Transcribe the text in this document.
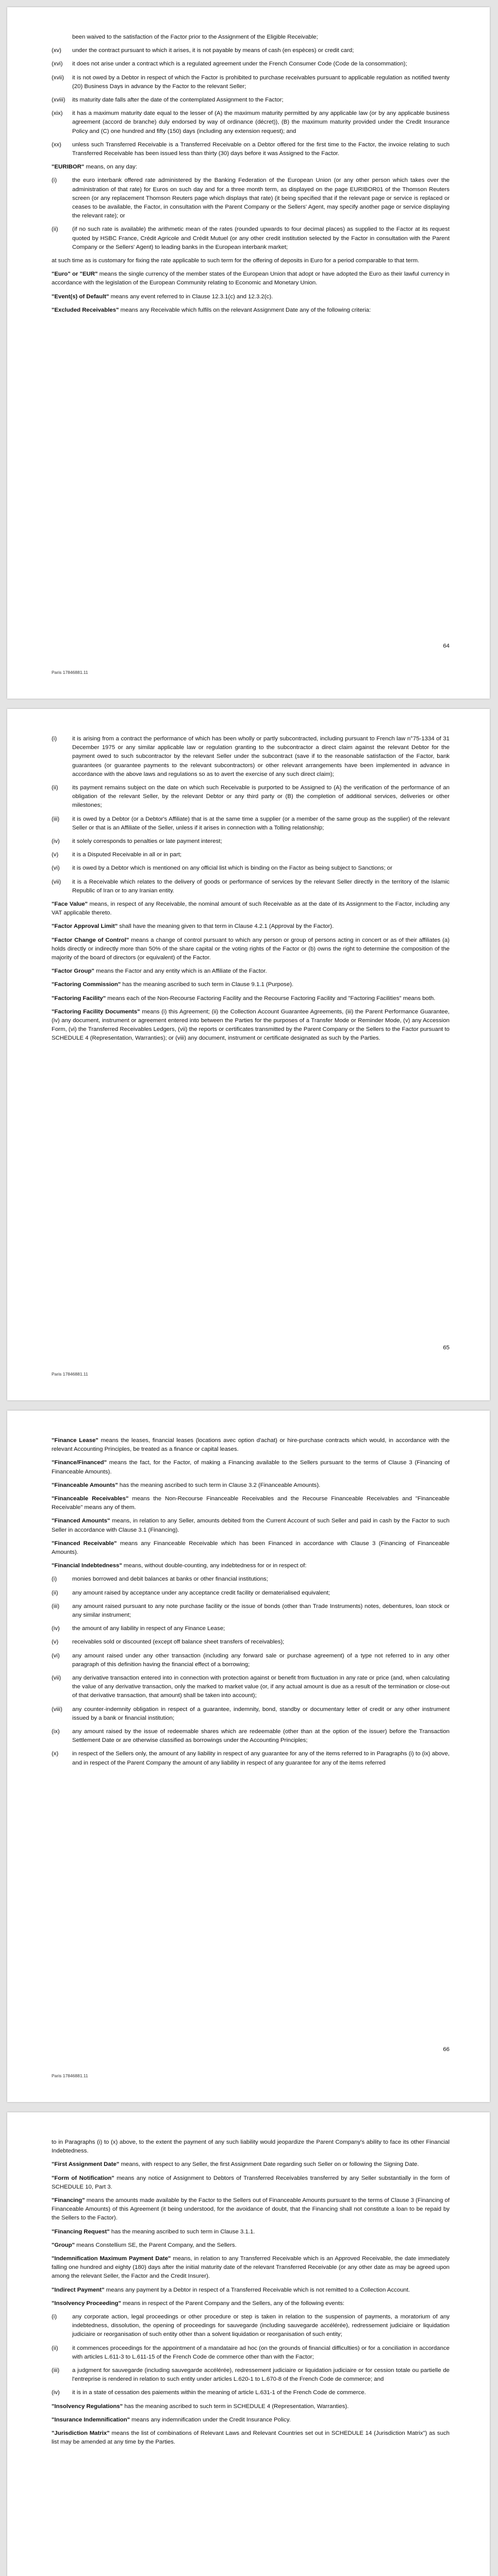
been waived to the satisfaction of the Factor prior to the Assignment of the Eligible Receivable;
(xv)	under the contract pursuant to which it arises, it is not payable by means of cash (en espèces) or credit card;
(xvi)	it does not arise under a contract which is a regulated agreement under the French Consumer Code (Code de la consommation);
(xvii)	it is not owed by a Debtor in respect of which the Factor is prohibited to purchase receivables pursuant to applicable regulation as notified twenty (20) Business Days in advance by the Factor to the relevant Seller;
(xviii)	its maturity date falls after the date of the contemplated Assignment to the Factor;
(xix)	it has a maximum maturity date equal to the lesser of (A) the maximum maturity permitted by any applicable law (or by any applicable business agreement (accord de branche) duly endorsed by way of ordinance (décret)), (B) the maximum maturity provided under the Credit Insurance Policy and (C) one hundred and fifty (150) days (including any extension request); and
(xx)	unless such Transferred Receivable is a Transferred Receivable on a Debtor offered for the first time to the Factor, the invoice relating to such Transferred Receivable has been issued less than thirty (30) days before it was Assigned to the Factor.

"EURIBOR" means, on any day:

(i)	the euro interbank offered rate administered by the Banking Federation of the European Union (or any other person which takes over the administration of that rate) for Euros on such day and for a three month term, as displayed on the page EURIBOR01 of the Thomson Reuters screen (or any replacement Thomson Reuters page which displays that rate) (it being specified that if the relevant page or service is replaced or ceases to be available, the Factor, in consultation with the Parent Company or the Sellers' Agent, may specify another page or service displaying the relevant rate); or
(ii)	(if no such rate is available) the arithmetic mean of the rates (rounded upwards to four decimal places) as supplied to the Factor at its request quoted by HSBC France, Crédit Agricole and Crédit Mutuel (or any other credit institution selected by the Factor in consultation with the Parent Company or the Sellers' Agent) to leading banks in the European interbank market;

at such time as is customary for fixing the rate applicable to such term for the offering of deposits in Euro for a period comparable to that term.

"Euro" or "EUR" means the single currency of the member states of the European Union that adopt or have adopted the Euro as their lawful currency in accordance with the legislation of the European Community relating to Economic and Monetary Union.

"Event(s) of Default" means any event referred to in Clause 12.3.1(c) and 12.3.2(c).

"Excluded Receivables" means any Receivable which fulfils on the relevant Assignment Date any of the following criteria:

64
Paris 17846881.11
(i)	it is arising from a contract the performance of which has been wholly or partly subcontracted, including pursuant to French law n°75-1334 of 31 December 1975 or any similar applicable law or regulation granting to the subcontractor a direct claim against the relevant Debtor for the payment owed to such subcontractor by the relevant Seller under the subcontract (save if to the reasonable satisfaction of the Factor, bank guarantees (or guarantee payments to the relevant subcontractors) or other relevant arrangements have been implemented in advance in accordance with the above laws and regulations so as to avert the exercise of any such direct claim);
(ii)	its payment remains subject on the date on which such Receivable is purported to be Assigned to (A) the verification of the performance of an obligation of the relevant Seller, by the relevant Debtor or any third party or (B) the completion of additional services, deliveries or other milestones;
(iii)	it is owed by a Debtor (or a Debtor's Affiliate) that is at the same time a supplier (or a member of the same group as the supplier) of the relevant Seller or that is an Affiliate of the Seller, unless if it arises in connection with a Tolling relationship;
(iv)	it solely corresponds to penalties or late payment interest;
(v)	it is a Disputed Receivable in all or in part;
(vi)	it is owed by a Debtor which is mentioned on any official list which is binding on the Factor as being subject to Sanctions; or
(vii)	it is a Receivable which relates to the delivery of goods or performance of services by the relevant Seller directly in the territory of the Islamic Republic of Iran or to any Iranian entity.

"Face Value" means, in respect of any Receivable, the nominal amount of such Receivable as at the date of its Assignment to the Factor, including any VAT applicable thereto.

"Factor Approval Limit" shall have the meaning given to that term in Clause 4.2.1 (Approval by the Factor).

"Factor Change of Control" means a change of control pursuant to which any person or group of persons acting in concert or as of their affiliates (a) holds directly or indirectly more than 50% of the share capital or the voting rights of the Factor or (b) owns the right to determine the composition of the majority of the board of directors (or equivalent) of the Factor.

"Factor Group" means the Factor and any entity which is an Affiliate of the Factor.

"Factoring Commission" has the meaning ascribed to such term in Clause 9.1.1 (Purpose).

"Factoring Facility" means each of the Non-Recourse Factoring Facility and the Recourse Factoring Facility and "Factoring Facilities" means both.

"Factoring Facility Documents" means (i) this Agreement; (ii) the Collection Account Guarantee Agreements, (iii) the Parent Performance Guarantee, (iv) any document, instrument or agreement entered into between the Parties for the purposes of a Transfer Mode or Reminder Mode, (v) any Accession Form, (vi) the Transferred Receivables Ledgers, (vii) the reports or certificates transmitted by the Parent Company or the Sellers to the Factor pursuant to SCHEDULE 4 (Representation, Warranties); or (viii) any document, instrument or certificate designated as such by the Parties.

65
Paris 17846881.11

"Finance Lease" means the leases, financial leases (locations avec option d'achat) or hire-purchase contracts which would, in accordance with the relevant Accounting Principles, be treated as a finance or capital leases.

"Finance/Financed" means the fact, for the Factor, of making a Financing available to the Sellers pursuant to the terms of Clause 3 (Financing of Financeable Amounts).

"Financeable Amounts" has the meaning ascribed to such term in Clause 3.2 (Financeable Amounts).

"Financeable Receivables" means the Non-Recourse Financeable Receivables and the Recourse Financeable Receivables and "Financeable Receivable" means any of them.

"Financed Amounts" means, in relation to any Seller, amounts debited from the Current Account of such Seller and paid in cash by the Factor to such Seller in accordance with Clause 3.1 (Financing).

"Financed Receivable" means any Financeable Receivable which has been Financed in accordance with Clause 3 (Financing of Financeable Amounts).

"Financial Indebtedness" means, without double-counting, any indebtedness for or in respect of:

(i)	monies borrowed and debit balances at banks or other financial institutions;
(ii)	any amount raised by acceptance under any acceptance credit facility or dematerialised equivalent;
(iii)	any amount raised pursuant to any note purchase facility or the issue of bonds (other than Trade Instruments) notes, debentures, loan stock or any similar instrument;
(iv)	the amount of any liability in respect of any Finance Lease;
(v)	receivables sold or discounted (except off balance sheet transfers of receivables);
(vi)	any amount raised under any other transaction (including any forward sale or purchase agreement) of a type not referred to in any other paragraph of this definition having the financial effect of a borrowing;
(vii)	any derivative transaction entered into in connection with protection against or benefit from fluctuation in any rate or price (and, when calculating the value of any derivative transaction, only the marked to market value (or, if any actual amount is due as a result of the termination or close-out of that derivative transaction, that amount) shall be taken into account);
(viii)	any counter-indemnity obligation in respect of a guarantee, indemnity, bond, standby or documentary letter of credit or any other instrument issued by a bank or financial institution;
(ix)	any amount raised by the issue of redeemable shares which are redeemable (other than at the option of the issuer) before the Transaction Settlement Date or are otherwise classified as borrowings under the Accounting Principles;
(x)	in respect of the Sellers only, the amount of any liability in respect of any guarantee for any of the items referred to in Paragraphs (i) to (ix) above, and in respect of the Parent Company the amount of any liability in respect of any guarantee for any of the items referred
66
Paris 17846881.11

to in Paragraphs (i) to (x) above, to the extent the payment of any such liability would jeopardize the Parent Company's ability to face its other Financial Indebtedness.

"First Assignment Date" means, with respect to any Seller, the first Assignment Date regarding such Seller on or following the Signing Date.

"Form of Notification" means any notice of Assignment to Debtors of Transferred Receivables transferred by any Seller substantially in the form of SCHEDULE 10, Part 3.

"Financing" means the amounts made available by the Factor to the Sellers out of Financeable Amounts pursuant to the terms of Clause 3 (Financing of Financeable Amounts) of this Agreement (it being understood, for the avoidance of doubt, that the Financing shall not constitute a loan to be repaid by the Sellers to the Factor).

"Financing Request" has the meaning ascribed to such term in Clause 3.1.1.

"Group" means Constellium SE, the Parent Company, and the Sellers.

"Indemnification Maximum Payment Date" means, in relation to any Transferred Receivable which is an Approved Receivable, the date immediately falling one hundred and eighty (180) days after the initial maturity date of the relevant Transferred Receivable (or any other date as may be agreed upon among the relevant Seller, the Factor and the Credit Insurer).

"Indirect Payment" means any payment by a Debtor in respect of a Transferred Receivable which is not remitted to a Collection Account.

"Insolvency Proceeding" means in respect of the Parent Company and the Sellers, any of the following events:

(i)	any corporate action, legal proceedings or other procedure or step is taken in relation to the suspension of payments, a moratorium of any indebtedness, dissolution, the opening of proceedings for sauvegarde (including sauvegarde accélérée), redressement judiciaire or liquidation judiciaire or reorganisation of such entity other than a solvent liquidation or reorganisation of such entity;
(ii)	it commences proceedings for the appointment of a mandataire ad hoc (on the grounds of financial difficulties) or for a conciliation in accordance with articles L.611-3 to L.611-15 of the French Code de commerce other than with the Factor;
(iii)	a judgment for sauvegarde (including sauvegarde accélérée), redressement judiciaire or liquidation judiciaire or for cession totale ou partielle de l'entreprise is rendered in relation to such entity under articles L.620-1 to L.670-8 of the French Code de commerce; and
(iv)	it is in a state of cessation des paiements within the meaning of article L.631-1 of the French Code de commerce.

"Insolvency Regulations" has the meaning ascribed to such term in SCHEDULE 4 (Representation, Warranties).

"Insurance Indemnification" means any indemnification under the Credit Insurance Policy.

"Jurisdiction Matrix" means the list of combinations of Relevant Laws and Relevant Countries set out in SCHEDULE 14 (Jurisdiction Matrix") as such list may be amended at any time by the Parties.
